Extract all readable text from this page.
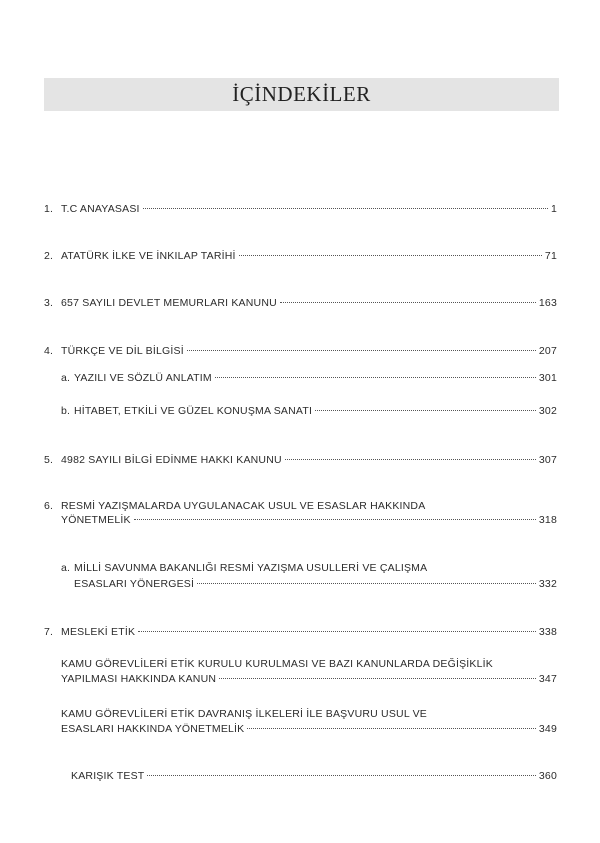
İÇİNDEKİLER
1. T.C ANAYASASI	1
2. ATATÜRK İLKE VE İNKILAP TARİHİ	71
3. 657 SAYILI DEVLET MEMURLARI KANUNU	163
4. TÜRKÇE VE DİL BİLGİSİ	207
a. YAZILI VE SÖZLÜ ANLATIM	301
b. HİTABET, ETKİLİ VE GÜZEL KONUŞMA SANATI	302
5. 4982 SAYILI BİLGİ EDİNME HAKKI KANUNU	307
6. RESMİ YAZIŞMALARDA UYGULANACAK USUL VE ESASLAR HAKKINDA
YÖNETMELİK	318
a. MİLLİ SAVUNMA BAKANLIĞI RESMİ YAZIŞMA USULLERİ VE ÇALIŞMA
ESASLARI YÖNERGESİ	332
7. MESLEKİ ETİK	338
KAMU GÖREVLİLERİ ETİK KURULU KURULMASI VE BAZI KANUNLARDA DEĞİŞİKLİK
YAPILMASI HAKKINDA KANUN	347
KAMU GÖREVLİLERİ ETİK DAVRANIŞ İLKELERİ İLE BAŞVURU USUL VE
ESASLARI HAKKINDA YÖNETMELİK	349
KARIŞIK TEST	360
